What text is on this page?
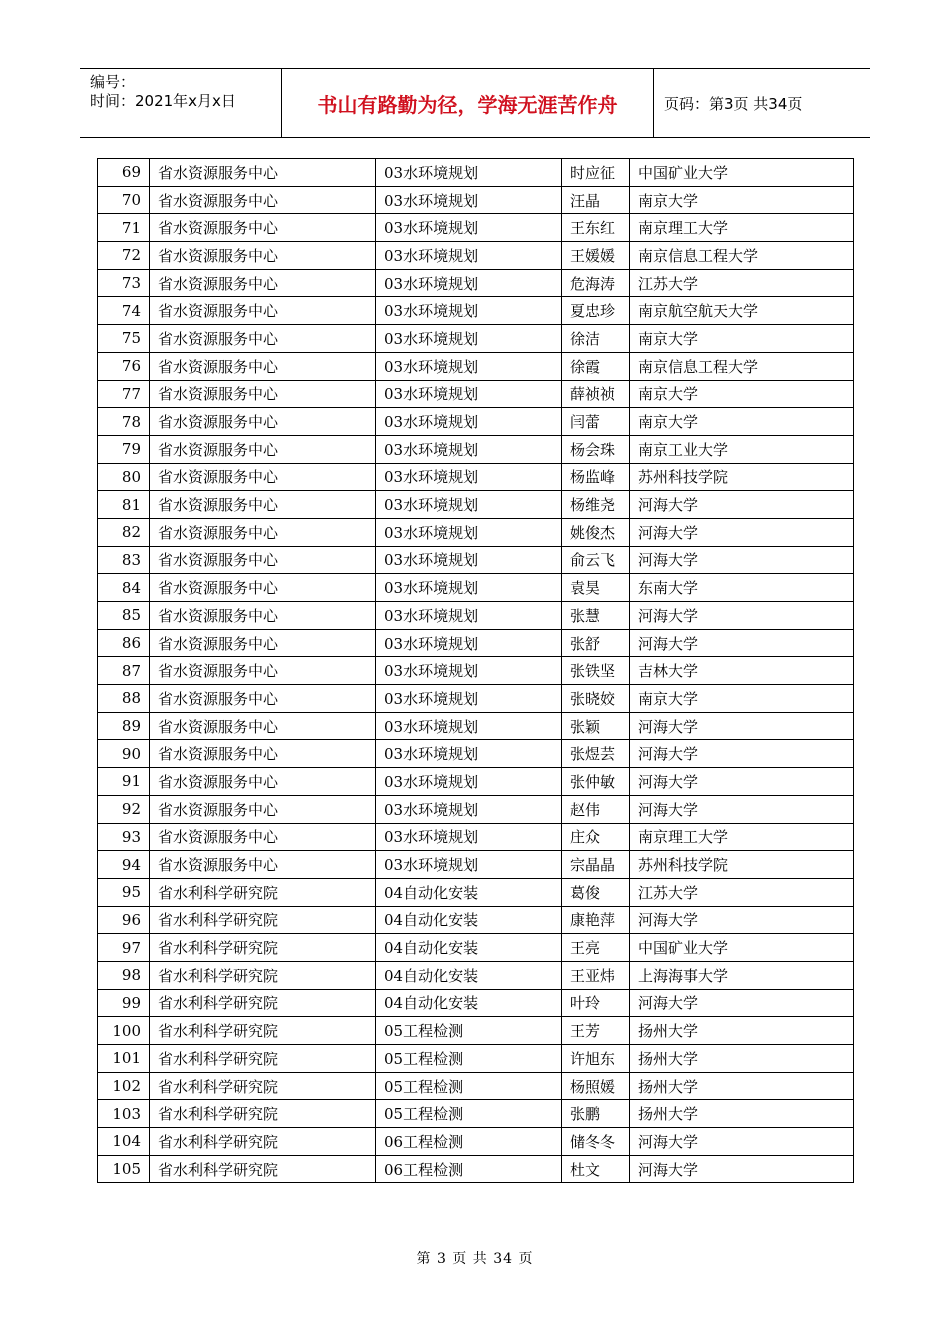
编号：
时间：2021年x月x日	书山有路勤为径，学海无涯苦作舟	页码：第3页 共34页
69	省水资源服务中心	03水环境规划	时应征	中国矿业大学
70	省水资源服务中心	03水环境规划	汪晶	南京大学
71	省水资源服务中心	03水环境规划	王东红	南京理工大学
72	省水资源服务中心	03水环境规划	王媛媛	南京信息工程大学
73	省水资源服务中心	03水环境规划	危海涛	江苏大学
74	省水资源服务中心	03水环境规划	夏忠珍	南京航空航天大学
75	省水资源服务中心	03水环境规划	徐洁	南京大学
76	省水资源服务中心	03水环境规划	徐霞	南京信息工程大学
77	省水资源服务中心	03水环境规划	薛祯祯	南京大学
78	省水资源服务中心	03水环境规划	闫蕾	南京大学
79	省水资源服务中心	03水环境规划	杨会珠	南京工业大学
80	省水资源服务中心	03水环境规划	杨监峰	苏州科技学院
81	省水资源服务中心	03水环境规划	杨维尧	河海大学
82	省水资源服务中心	03水环境规划	姚俊杰	河海大学
83	省水资源服务中心	03水环境规划	俞云飞	河海大学
84	省水资源服务中心	03水环境规划	袁昊	东南大学
85	省水资源服务中心	03水环境规划	张慧	河海大学
86	省水资源服务中心	03水环境规划	张舒	河海大学
87	省水资源服务中心	03水环境规划	张铁坚	吉林大学
88	省水资源服务中心	03水环境规划	张晓姣	南京大学
89	省水资源服务中心	03水环境规划	张颖	河海大学
90	省水资源服务中心	03水环境规划	张煜芸	河海大学
91	省水资源服务中心	03水环境规划	张仲敏	河海大学
92	省水资源服务中心	03水环境规划	赵伟	河海大学
93	省水资源服务中心	03水环境规划	庄众	南京理工大学
94	省水资源服务中心	03水环境规划	宗晶晶	苏州科技学院
95	省水利科学研究院	04自动化安装	葛俊	江苏大学
96	省水利科学研究院	04自动化安装	康艳萍	河海大学
97	省水利科学研究院	04自动化安装	王亮	中国矿业大学
98	省水利科学研究院	04自动化安装	王亚炜	上海海事大学
99	省水利科学研究院	04自动化安装	叶玲	河海大学
100	省水利科学研究院	05工程检测	王芳	扬州大学
101	省水利科学研究院	05工程检测	许旭东	扬州大学
102	省水利科学研究院	05工程检测	杨照媛	扬州大学
103	省水利科学研究院	05工程检测	张鹏	扬州大学
104	省水利科学研究院	06工程检测	储冬冬	河海大学
105	省水利科学研究院	06工程检测	杜文	河海大学
第 3 页 共 34 页
